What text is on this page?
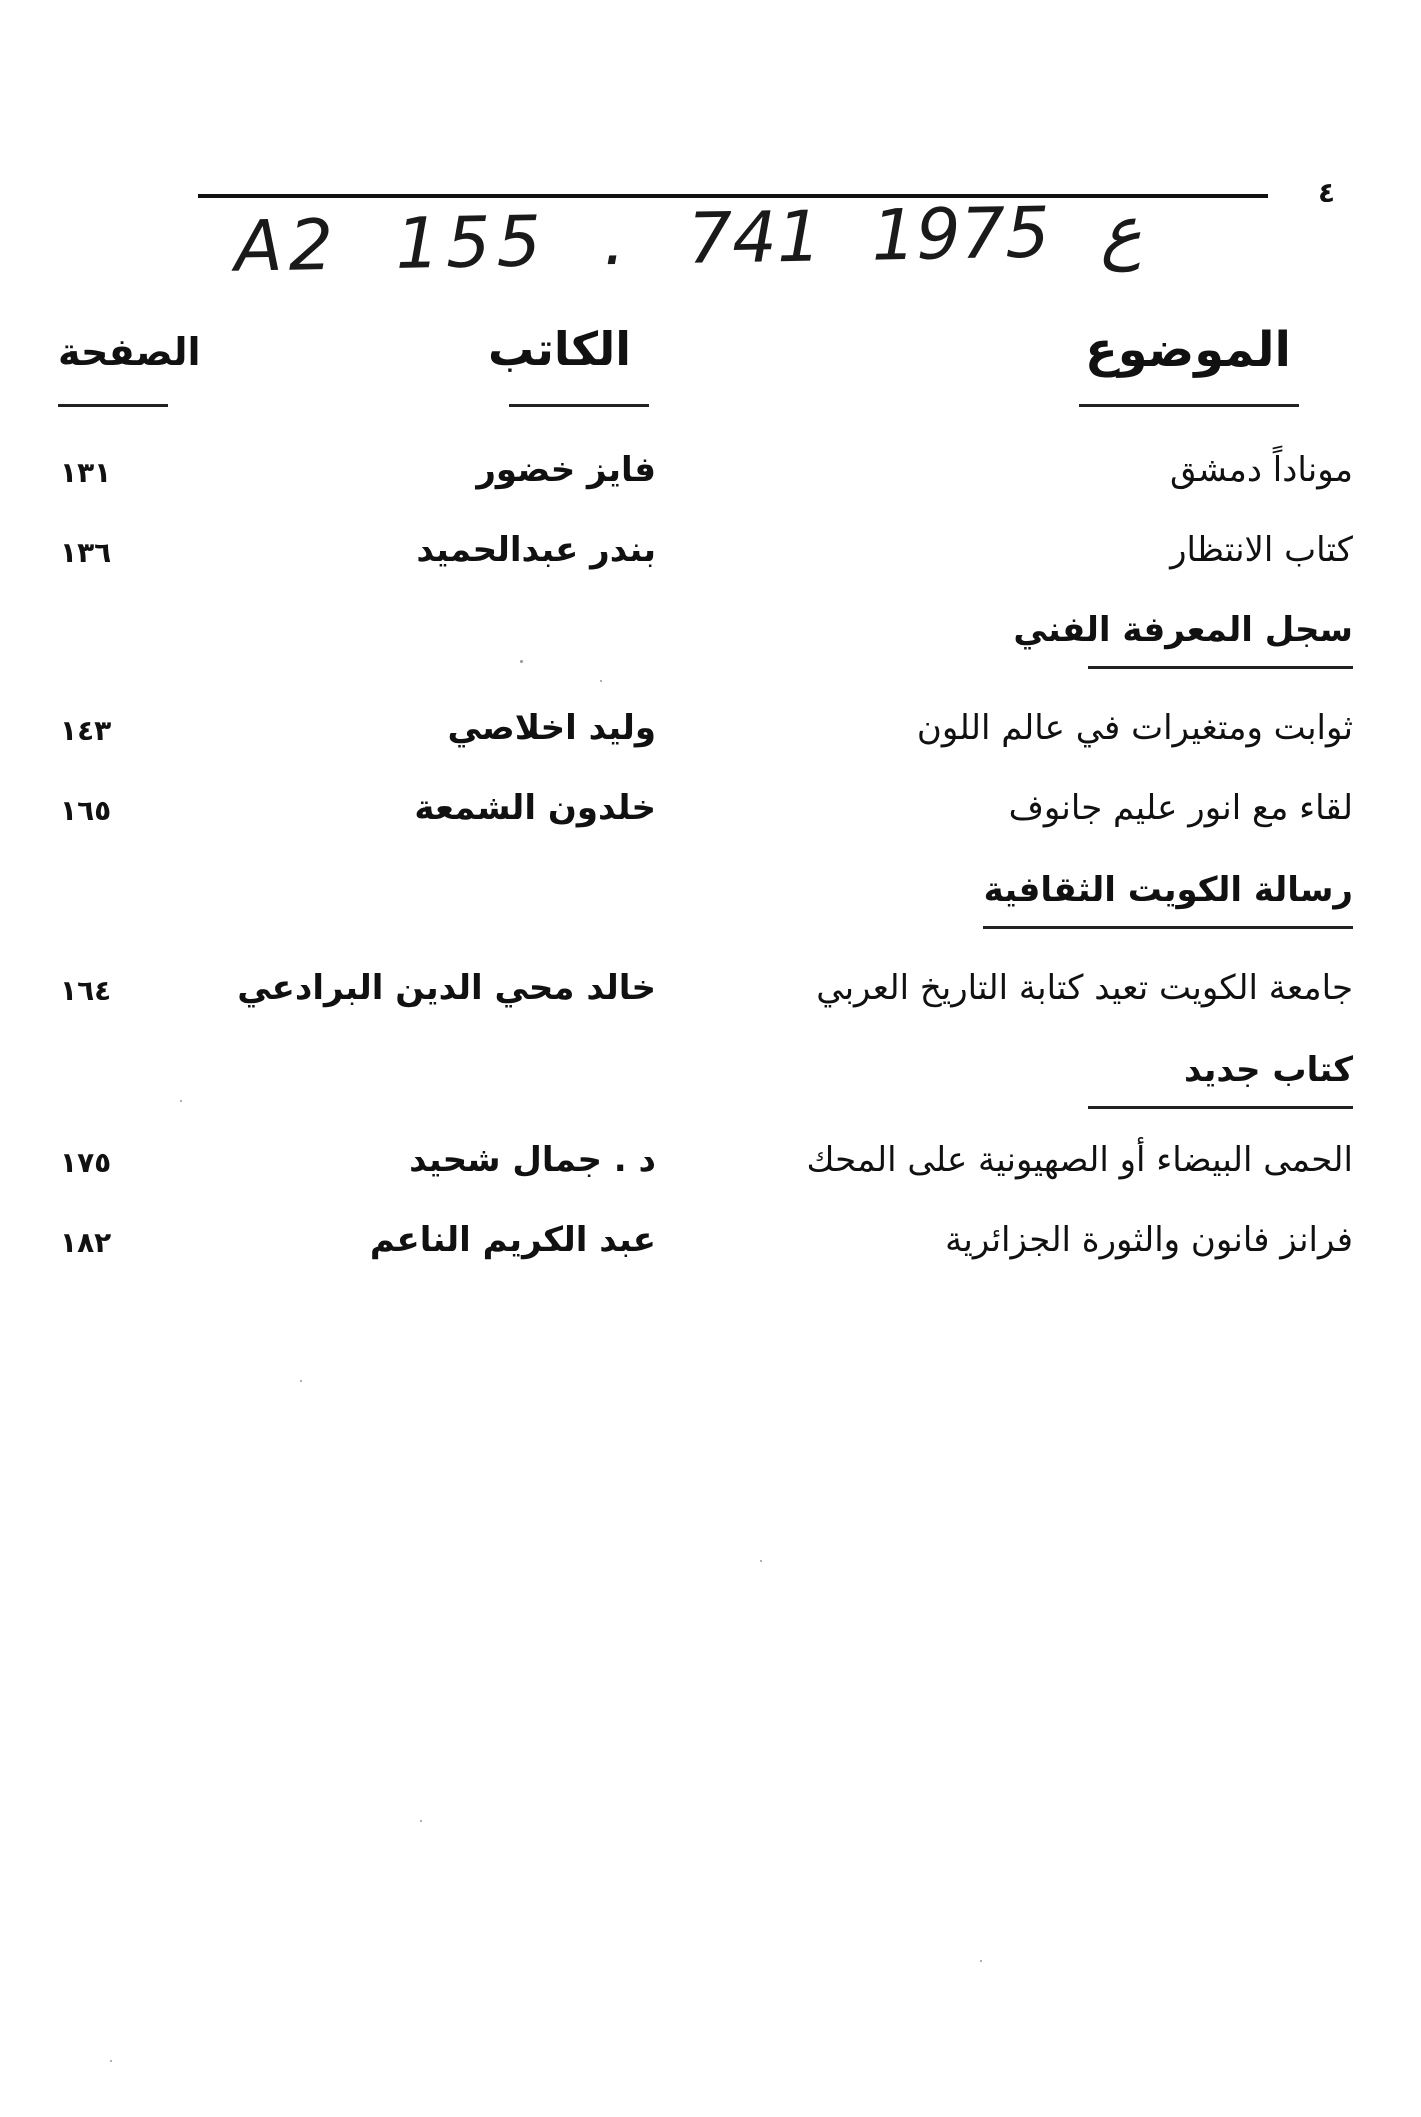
٤
A2 155 . ع 1975 741
الموضوع
الكاتب
الصفحة
موناداً دمشق
فايز خضور
١٣١
كتاب الانتظار
بندر عبدالحميد
١٣٦
سجل المعرفة الفني
ثوابت ومتغيرات في عالم اللون
وليد اخلاصي
١٤٣
لقاء مع انور عليم جانوف
خلدون الشمعة
١٦٥
رسالة الكويت الثقافية
جامعة الكويت تعيد كتابة التاريخ العربي
خالد محي الدين البرادعي
١٦٤
كتاب جديد
الحمى البيضاء أو الصهيونية على المحك
د . جمال شحيد
١٧٥
فرانز فانون والثورة الجزائرية
عبد الكريم الناعم
١٨٢
